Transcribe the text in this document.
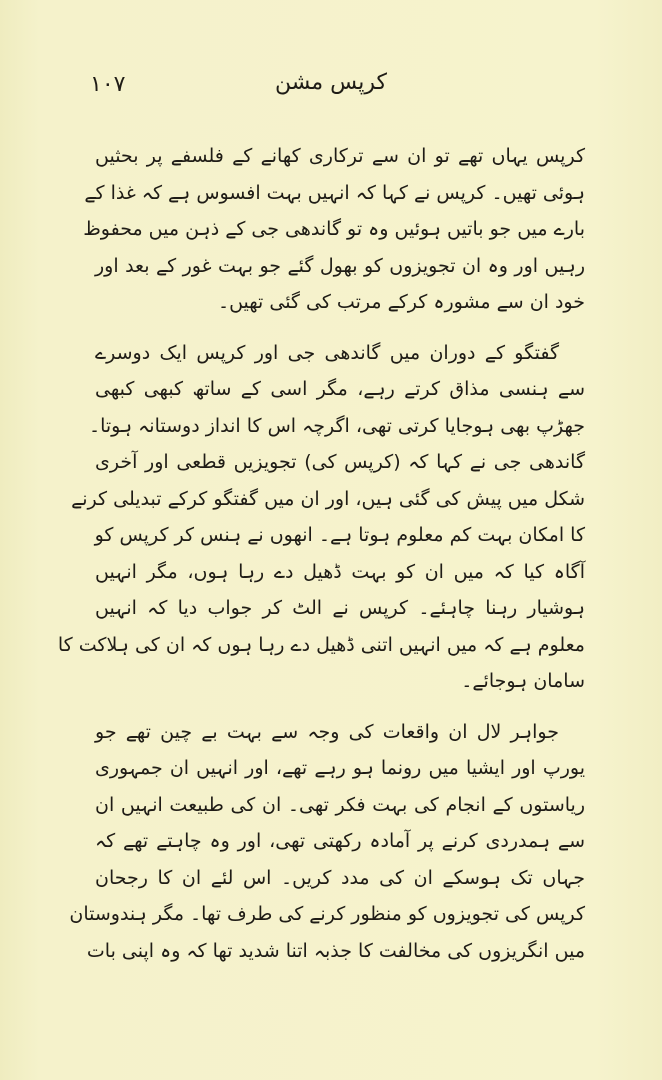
کرپس مشن
۱۰۷
کرپس یہاں تھے تو ان سے ترکاری کھانے کے فلسفے پر بحثیں
ہوئی تھیں۔ کرپس نے کہا کہ انہیں بہت افسوس ہے کہ غذا کے
بارے میں جو باتیں ہوئیں وہ تو گاندھی جی کے ذہن میں محفوظ
رہیں اور وہ ان تجویزوں کو بھول گئے جو بہت غور کے بعد اور
خود ان سے مشورہ کرکے مرتب کی گئی تھیں۔
گفتگو کے دوران میں گاندھی جی اور کرپس ایک دوسرے
سے ہنسی مذاق کرتے رہے، مگر اسی کے ساتھ کبھی کبھی
جھڑپ بھی ہوجایا کرتی تھی، اگرچہ اس کا انداز دوستانہ ہوتا۔
گاندھی جی نے کہا کہ (کرپس کی) تجویزیں قطعی اور آخری
شکل میں پیش کی گئی ہیں، اور ان میں گفتگو کرکے تبدیلی کرنے
کا امکان بہت کم معلوم ہوتا ہے۔ انھوں نے ہنس کر کرپس کو
آگاہ کیا کہ میں ان کو بہت ڈھیل دے رہا ہوں، مگر انہیں
ہوشیار رہنا چاہئے۔ کرپس نے الٹ کر جواب دیا کہ انہیں
معلوم ہے کہ میں انہیں اتنی ڈھیل دے رہا ہوں کہ ان کی ہلاکت کا
سامان ہوجائے۔
جواہر لال ان واقعات کی وجہ سے بہت بے چین تھے جو
یورپ اور ایشیا میں رونما ہو رہے تھے، اور انہیں ان جمہوری
ریاستوں کے انجام کی بہت فکر تھی۔ ان کی طبیعت انہیں ان
سے ہمدردی کرنے پر آمادہ رکھتی تھی، اور وہ چاہتے تھے کہ
جہاں تک ہوسکے ان کی مدد کریں۔ اس لئے ان کا رجحان
کرپس کی تجویزوں کو منظور کرنے کی طرف تھا۔ مگر ہندوستان
میں انگریزوں کی مخالفت کا جذبہ اتنا شدید تھا کہ وہ اپنی بات
